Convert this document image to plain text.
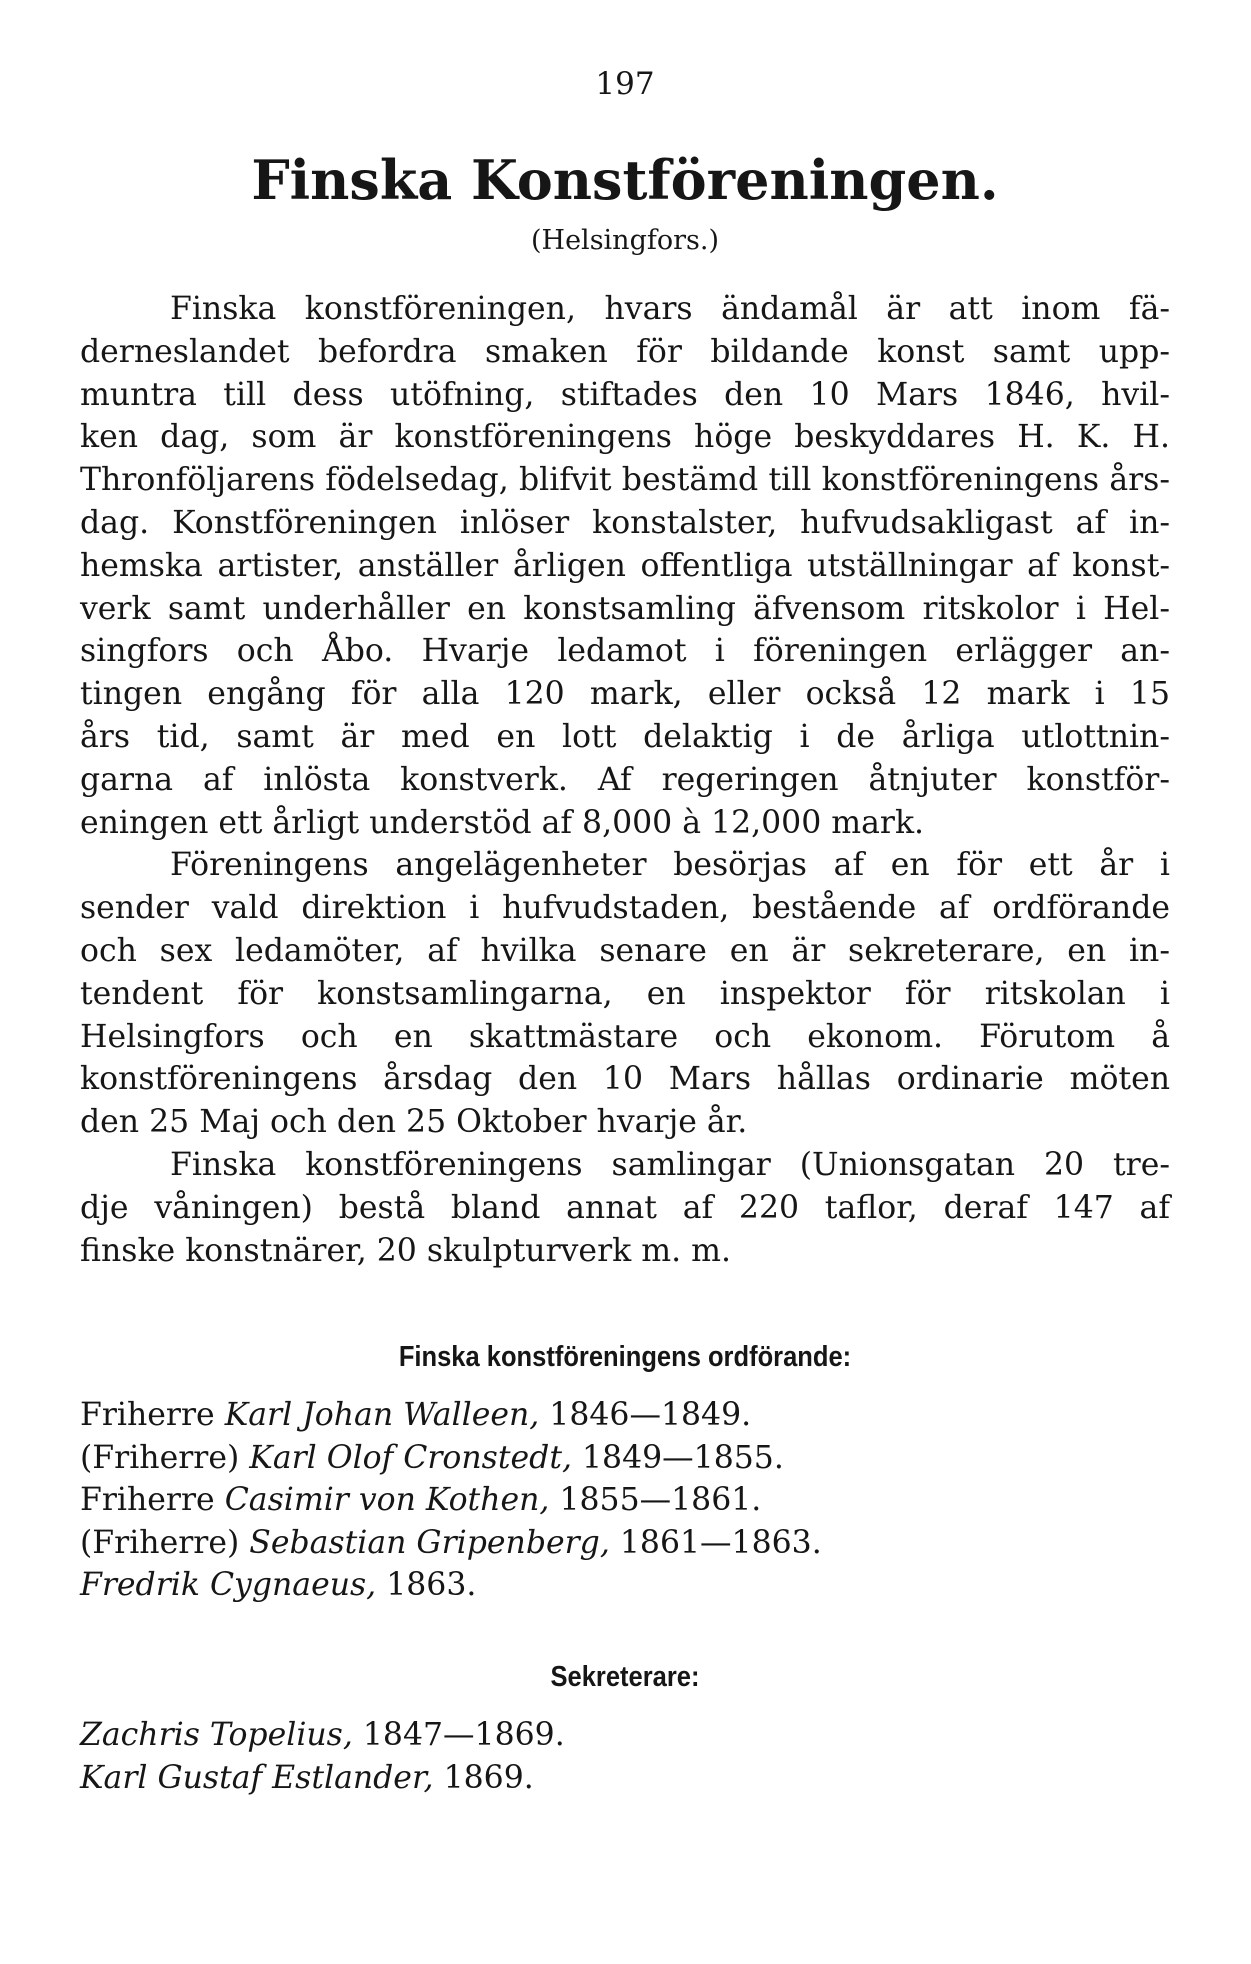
197
Finska Konstföreningen.
(Helsingfors.)
Finska konstföreningen, hvars ändamål är att inom fä-
derneslandet befordra smaken för bildande konst samt upp-
muntra till dess utöfning, stiftades den 10 Mars 1846, hvil-
ken dag, som är konstföreningens höge beskyddares H. K. H.
Thronföljarens födelsedag, blifvit bestämd till konstföreningens års-
dag. Konstföreningen inlöser konstalster, hufvudsakligast af in-
hemska artister, anställer årligen offentliga utställningar af konst-
verk samt underhåller en konstsamling äfvensom ritskolor i Hel-
singfors och Åbo. Hvarje ledamot i föreningen erlägger an-
tingen engång för alla 120 mark, eller också 12 mark i 15
års tid, samt är med en lott delaktig i de årliga utlottnin-
garna af inlösta konstverk. Af regeringen åtnjuter konstför-
eningen ett årligt understöd af 8,000 à 12,000 mark.
Föreningens angelägenheter besörjas af en för ett år i
sender vald direktion i hufvudstaden, bestående af ordförande
och sex ledamöter, af hvilka senare en är sekreterare, en in-
tendent för konstsamlingarna, en inspektor för ritskolan i
Helsingfors och en skattmästare och ekonom. Förutom å
konstföreningens årsdag den 10 Mars hållas ordinarie möten
den 25 Maj och den 25 Oktober hvarje år.
Finska konstföreningens samlingar (Unionsgatan 20 tre-
dje våningen) bestå bland annat af 220 taflor, deraf 147 af
finske konstnärer, 20 skulpturverk m. m.
Finska konstföreningens ordförande:
Friherre Karl Johan Walleen, 1846—1849.
(Friherre) Karl Olof Cronstedt, 1849—1855.
Friherre Casimir von Kothen, 1855—1861.
(Friherre) Sebastian Gripenberg, 1861—1863.
Fredrik Cygnaeus, 1863.
Sekreterare:
Zachris Topelius, 1847—1869.
Karl Gustaf Estlander, 1869.
